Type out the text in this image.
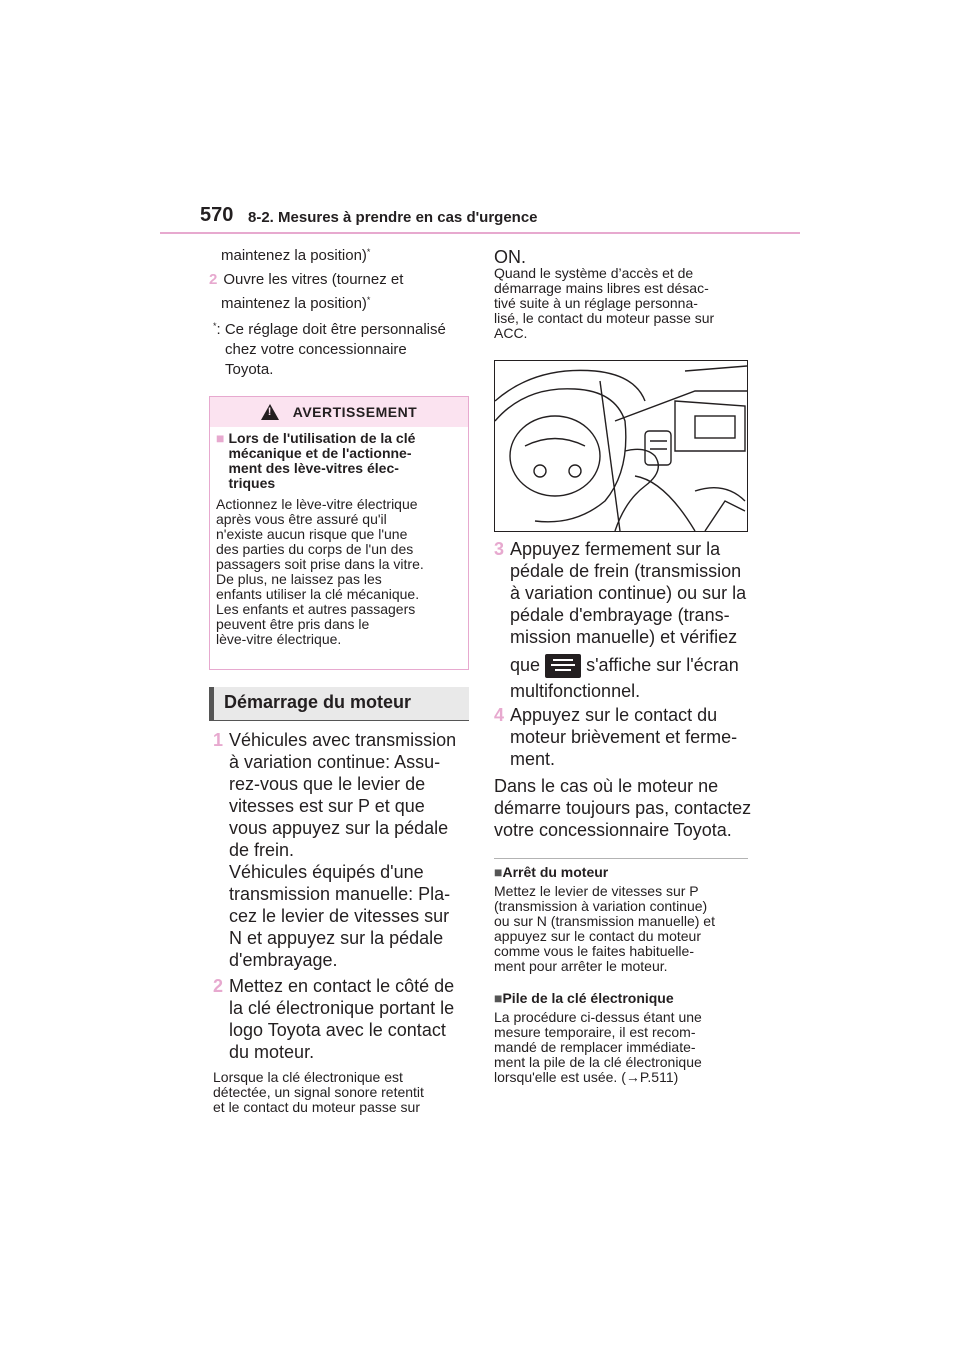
570 8-2. Mesures à prendre en cas d'urgence
maintenez la position)*
2 Ouvre les vitres (tournez et
maintenez la position)*
*: Ce réglage doit être personnalisé
chez votre concessionnaire
Toyota.
!
AVERTISSEMENT
■ Lors de l'utilisation de la clé
mécanique et de l'actionne-
ment des lève-vitres élec-
triques
Actionnez le lève-vitre électrique
après vous être assuré qu'il
n'existe aucun risque que l'une
des parties du corps de l'un des
passagers soit prise dans la vitre.
De plus, ne laissez pas les
enfants utiliser la clé mécanique.
Les enfants et autres passagers
peuvent être pris dans le
lève-vitre électrique.
Démarrage du moteur
1 Véhicules avec transmission
à variation continue: Assu-
rez-vous que le levier de
vitesses est sur P et que
vous appuyez sur la pédale
de frein.
Véhicules équipés d'une
transmission manuelle: Pla-
cez le levier de vitesses sur
N et appuyez sur la pédale
d'embrayage.
2 Mettez en contact le côté de
la clé électronique portant le
logo Toyota avec le contact
du moteur.
Lorsque la clé électronique est
détectée, un signal sonore retentit
et le contact du moteur passe sur
ON.
Quand le système d’accès et de
démarrage mains libres est désac-
tivé suite à un réglage personna-
lisé, le contact du moteur passe sur
ACC.
3 Appuyez fermement sur la
pédale de frein (transmission
à variation continue) ou sur la
pédale d'embrayage (trans-
mission manuelle) et vérifiez
que	s'affiche sur l'écran
multifonctionnel.
4 Appuyez sur le contact du
moteur brièvement et ferme-
ment.
Dans le cas où le moteur ne
démarre toujours pas, contactez
votre concessionnaire Toyota.
■Arrêt du moteur
Mettez le levier de vitesses sur P
(transmission à variation continue)
ou sur N (transmission manuelle) et
appuyez sur le contact du moteur
comme vous le faites habituelle-
ment pour arrêter le moteur.
■Pile de la clé électronique
La procédure ci-dessus étant une
mesure temporaire, il est recom-
mandé de remplacer immédiate-
ment la pile de la clé électronique
lorsqu'elle est usée. (→P.511)
